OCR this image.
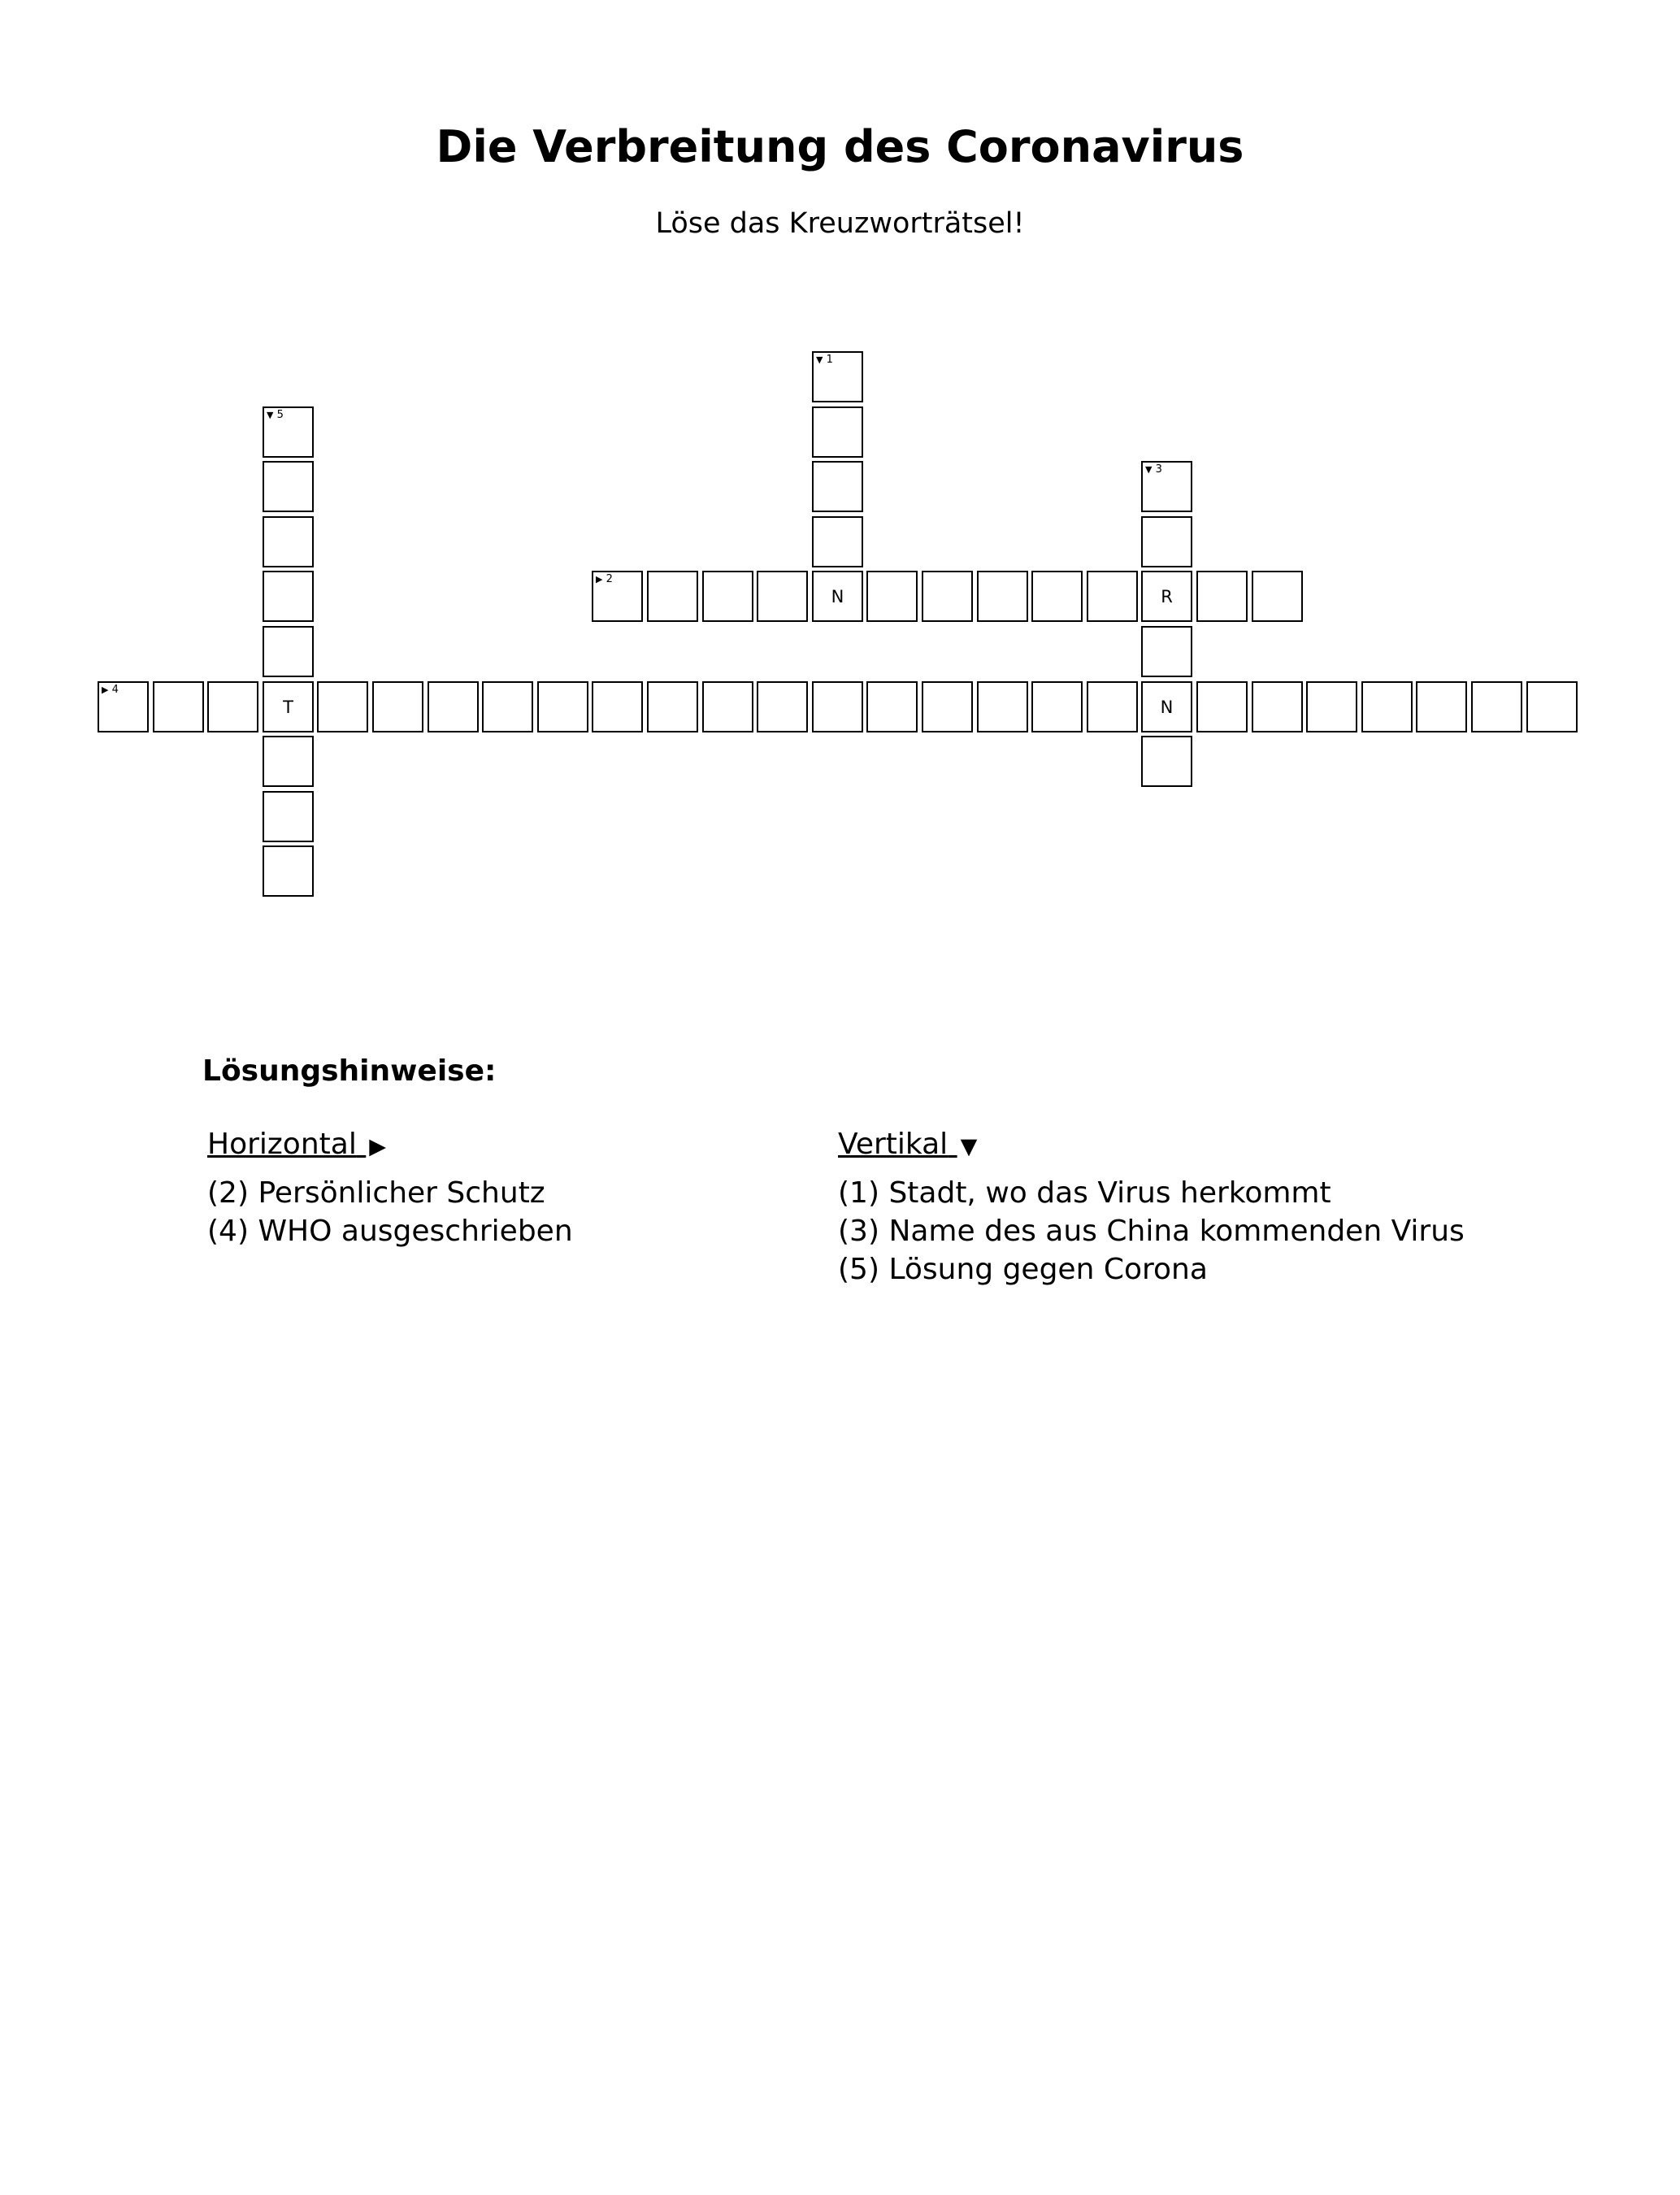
Die Verbreitung des Coronavirus
Löse das Kreuzworträtsel!
▼ 1
▼ 5
▼ 3
▶ 2
N	R
▶ 4
T	N
Lösungshinweise:
Horizontal ▶
(2) Persönlicher Schutz
(4) WHO ausgeschrieben
Vertikal ▼
(1) Stadt, wo das Virus herkommt
(3) Name des aus China kommenden Virus
(5) Lösung gegen Corona
